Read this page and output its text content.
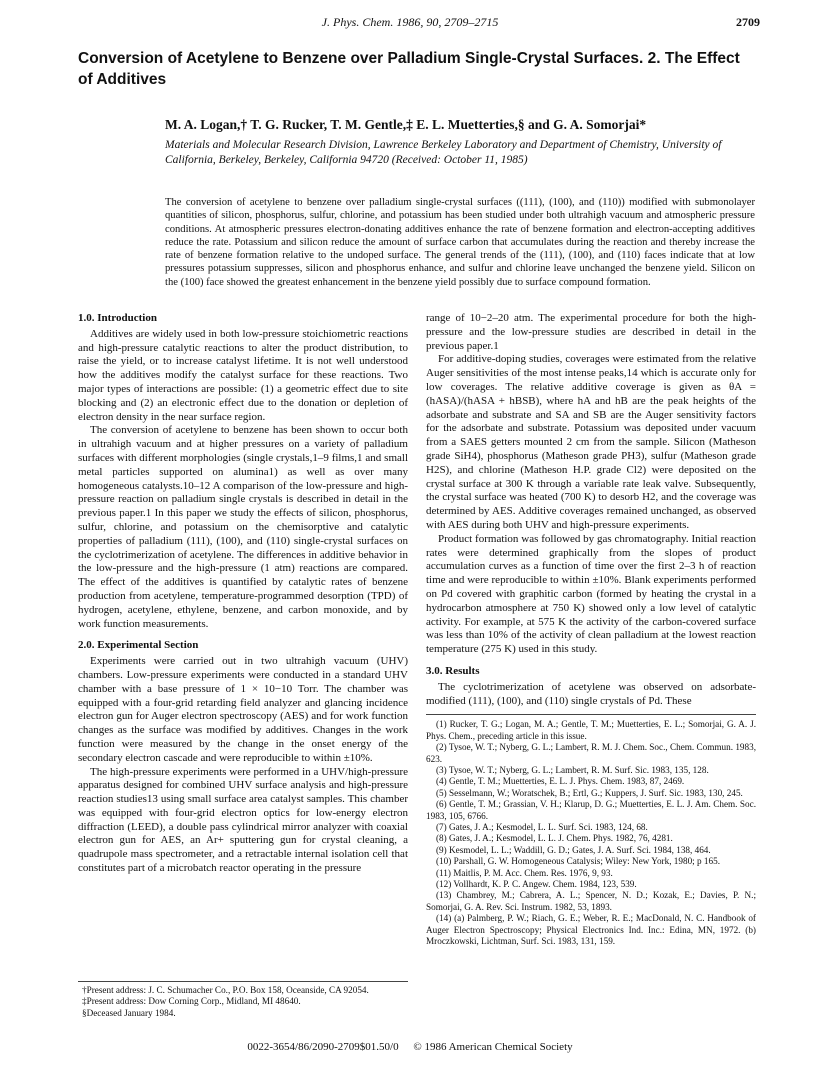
J. Phys. Chem. 1986, 90, 2709–2715	2709
Conversion of Acetylene to Benzene over Palladium Single-Crystal Surfaces. 2. The Effect of Additives
M. A. Logan,† T. G. Rucker, T. M. Gentle,‡ E. L. Muetterties,§ and G. A. Somorjai*
Materials and Molecular Research Division, Lawrence Berkeley Laboratory and Department of Chemistry, University of California, Berkeley, Berkeley, California 94720 (Received: October 11, 1985)

The conversion of acetylene to benzene over palladium single-crystal surfaces ((111), (100), and (110)) modified with submonolayer quantities of silicon, phosphorus, sulfur, chlorine, and potassium has been studied under both ultrahigh vacuum and atmospheric pressure conditions. At atmospheric pressures electron-donating additives enhance the rate of benzene formation and electron-accepting additives reduce the rate. Potassium and silicon reduce the amount of surface carbon that accumulates during the reaction and thereby increase the rate of benzene formation relative to the undoped surface. The general trends of the (111), (100), and (110) faces indicate that at low pressures potassium suppresses, silicon and phosphorus enhance, and sulfur and chlorine leave unchanged the benzene yield. Silicon on the (100) face showed the greatest enhancement in the benzene yield possibly due to surface compound formation.

1.0. Introduction

Additives are widely used in both low-pressure stoichiometric reactions and high-pressure catalytic reactions to alter the product distribution, to raise the yield, or to increase catalyst lifetime. It is not well understood how the additives modify the catalyst surface for these reactions. Two major types of interactions are possible: (1) a geometric effect due to site blocking and (2) an electronic effect due to the donation or depletion of electron density in the near surface region.

The conversion of acetylene to benzene has been shown to occur both in ultrahigh vacuum and at higher pressures on a variety of palladium surfaces with different morphologies (single crystals,1–9 films,1 and small metal particles supported on alumina1) as well as over many homogeneous catalysts.10–12 A comparison of the low-pressure and high-pressure reaction on palladium single crystals is described in detail in the previous paper.1 In this paper we study the effects of silicon, phosphorus, sulfur, chlorine, and potassium on the chemisorptive and catalytic properties of palladium (111), (100), and (110) single-crystal surfaces on the cyclotrimerization of acetylene. The differences in additive behavior in the low-pressure and the high-pressure (1 atm) reactions are compared. The effect of the additives is quantified by catalytic rates of benzene production from acetylene, temperature-programmed desorption (TPD) of hydrogen, acetylene, ethylene, benzene, and carbon monoxide, and by work function measurements.

2.0. Experimental Section

Experiments were carried out in two ultrahigh vacuum (UHV) chambers. Low-pressure experiments were conducted in a standard UHV chamber with a base pressure of 1 × 10−10 Torr. The chamber was equipped with a four-grid retarding field analyzer and glancing incidence electron gun for Auger electron spectroscopy (AES) and for work function changes as the surface was modified by additives. Changes in the work function were measured by the change in the onset energy of the secondary electron cascade and were reproducible to within ±10%.

The high-pressure experiments were performed in a UHV/high-pressure apparatus designed for combined UHV surface analysis and high-pressure reaction studies13 using small surface area catalyst samples. This chamber was equipped with four-grid electron optics for low-energy electron diffraction (LEED), a double pass cylindrical mirror analyzer with coaxial electron gun for AES, an Ar+ sputtering gun for crystal cleaning, a quadrupole mass spectrometer, and a retractable internal isolation cell that constitutes part of a microbatch reactor operating in the pressure

range of 10−2–20 atm. The experimental procedure for both the high-pressure and the low-pressure studies are described in detail in the previous paper.1

For additive-doping studies, coverages were estimated from the relative Auger sensitivities of the most intense peaks,14 which is accurate only for low coverages. The relative additive coverage is given as θA = (hASA)/(hASA + hBSB), where hA and hB are the peak heights of the adsorbate and substrate and SA and SB are the Auger sensitivity factors for the adsorbate and substrate. Potassium was deposited under vacuum from a SAES getters mounted 2 cm from the sample. Silicon (Matheson grade SiH4), phosphorus (Matheson grade PH3), sulfur (Matheson grade H2S), and chlorine (Matheson H.P. grade Cl2) were deposited on the crystal surface at 300 K through a variable rate leak valve. Subsequently, the crystal surface was heated (700 K) to desorb H2, and the coverage was determined by AES. Additive coverages remained unchanged, as observed with AES during both UHV and high-pressure experiments.

Product formation was followed by gas chromatography. Initial reaction rates were determined graphically from the slopes of product accumulation curves as a function of time over the first 2–3 h of reaction time and were reproducible to within ±10%. Blank experiments performed on Pd covered with graphitic carbon (formed by heating the crystal in a hydrocarbon atmosphere at 750 K) showed only a low level of catalytic activity. For example, at 575 K the activity of the carbon-covered surface was less than 10% of the activity of clean palladium at the lowest reaction temperature (275 K) used in this study.

3.0. Results

The cyclotrimerization of acetylene was observed on adsorbate-modified (111), (100), and (110) single crystals of Pd. These

(1) Rucker, T. G.; Logan, M. A.; Gentle, T. M.; Muetterties, E. L.; Somorjai, G. A. J. Phys. Chem., preceding article in this issue.
(2) Tysoe, W. T.; Nyberg, G. L.; Lambert, R. M. J. Chem. Soc., Chem. Commun. 1983, 623.
(3) Tysoe, W. T.; Nyberg, G. L.; Lambert, R. M. Surf. Sic. 1983, 135, 128.
(4) Gentle, T. M.; Muetterties, E. L. J. Phys. Chem. 1983, 87, 2469.
(5) Sesselmann, W.; Woratschek, B.; Ertl, G.; Kuppers, J. Surf. Sic. 1983, 130, 245.
(6) Gentle, T. M.; Grassian, V. H.; Klarup, D. G.; Muetterties, E. L. J. Am. Chem. Soc. 1983, 105, 6766.
(7) Gates, J. A.; Kesmodel, L. L. Surf. Sci. 1983, 124, 68.
(8) Gates, J. A.; Kesmodel, L. L. J. Chem. Phys. 1982, 76, 4281.
(9) Kesmodel, L. L.; Waddill, G. D.; Gates, J. A. Surf. Sci. 1984, 138, 464.
(10) Parshall, G. W. Homogeneous Catalysis; Wiley: New York, 1980; p 165.
(11) Maitlis, P. M. Acc. Chem. Res. 1976, 9, 93.
(12) Vollhardt, K. P. C. Angew. Chem. 1984, 123, 539.
(13) Chambrey, M.; Cabrera, A. L.; Spencer, N. D.; Kozak, E.; Davies, P. N.; Somorjai, G. A. Rev. Sci. Instrum. 1982, 53, 1893.
(14) (a) Palmberg, P. W.; Riach, G. E.; Weber, R. E.; MacDonald, N. C. Handbook of Auger Electron Spectroscopy; Physical Electronics Ind. Inc.: Edina, MN, 1972. (b) Mroczkowski, Lichtman, Surf. Sci. 1983, 131, 159.
†Present address: J. C. Schumacher Co., P.O. Box 158, Oceanside, CA 92054.
‡Present address: Dow Corning Corp., Midland, MI 48640.
§Deceased January 1984.
0022-3654/86/2090-2709$01.50/0 © 1986 American Chemical Society
